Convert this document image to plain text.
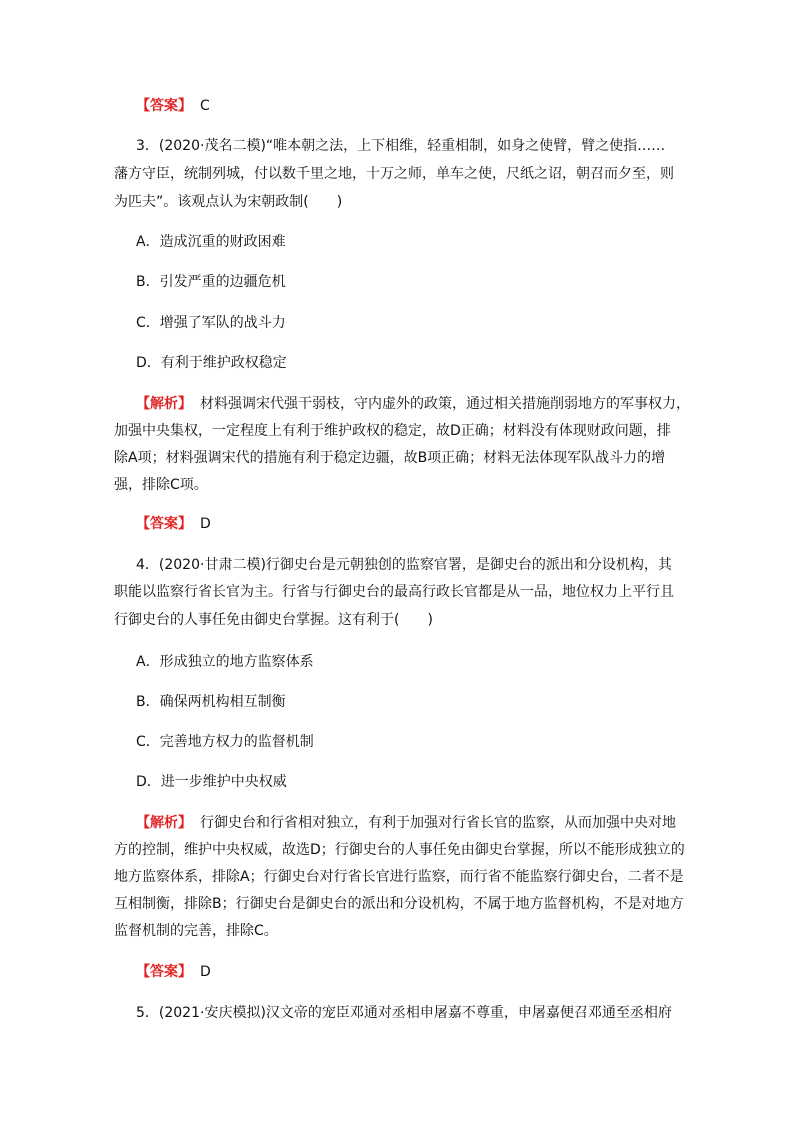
【答案】 C
3．(2020·茂名二模)“唯本朝之法，上下相维，轻重相制，如身之使臂，臂之使指……
藩方守臣，统制列城，付以数千里之地，十万之师，单车之使，尺纸之诏，朝召而夕至，则
为匹夫”。该观点认为宋朝政制(　　)
A．造成沉重的财政困难
B．引发严重的边疆危机
C．增强了军队的战斗力
D．有利于维护政权稳定
【解析】 材料强调宋代强干弱枝，守内虚外的政策，通过相关措施削弱地方的军事权力，
加强中央集权，一定程度上有利于维护政权的稳定，故D正确；材料没有体现财政问题，排
除A项；材料强调宋代的措施有利于稳定边疆，故B项正确；材料无法体现军队战斗力的增
强，排除C项。
【答案】 D
4．(2020·甘肃二模)行御史台是元朝独创的监察官署，是御史台的派出和分设机构，其
职能以监察行省长官为主。行省与行御史台的最高行政长官都是从一品，地位权力上平行且
行御史台的人事任免由御史台掌握。这有利于(　　)
A．形成独立的地方监察体系
B．确保两机构相互制衡
C．完善地方权力的监督机制
D．进一步维护中央权威
【解析】 行御史台和行省相对独立，有利于加强对行省长官的监察，从而加强中央对地
方的控制，维护中央权威，故选D；行御史台的人事任免由御史台掌握，所以不能形成独立的
地方监察体系，排除A；行御史台对行省长官进行监察，而行省不能监察行御史台，二者不是
互相制衡，排除B；行御史台是御史台的派出和分设机构，不属于地方监督机构，不是对地方
监督机制的完善，排除C。
【答案】 D
5．(2021·安庆模拟)汉文帝的宠臣邓通对丞相申屠嘉不尊重，申屠嘉便召邓通至丞相府
